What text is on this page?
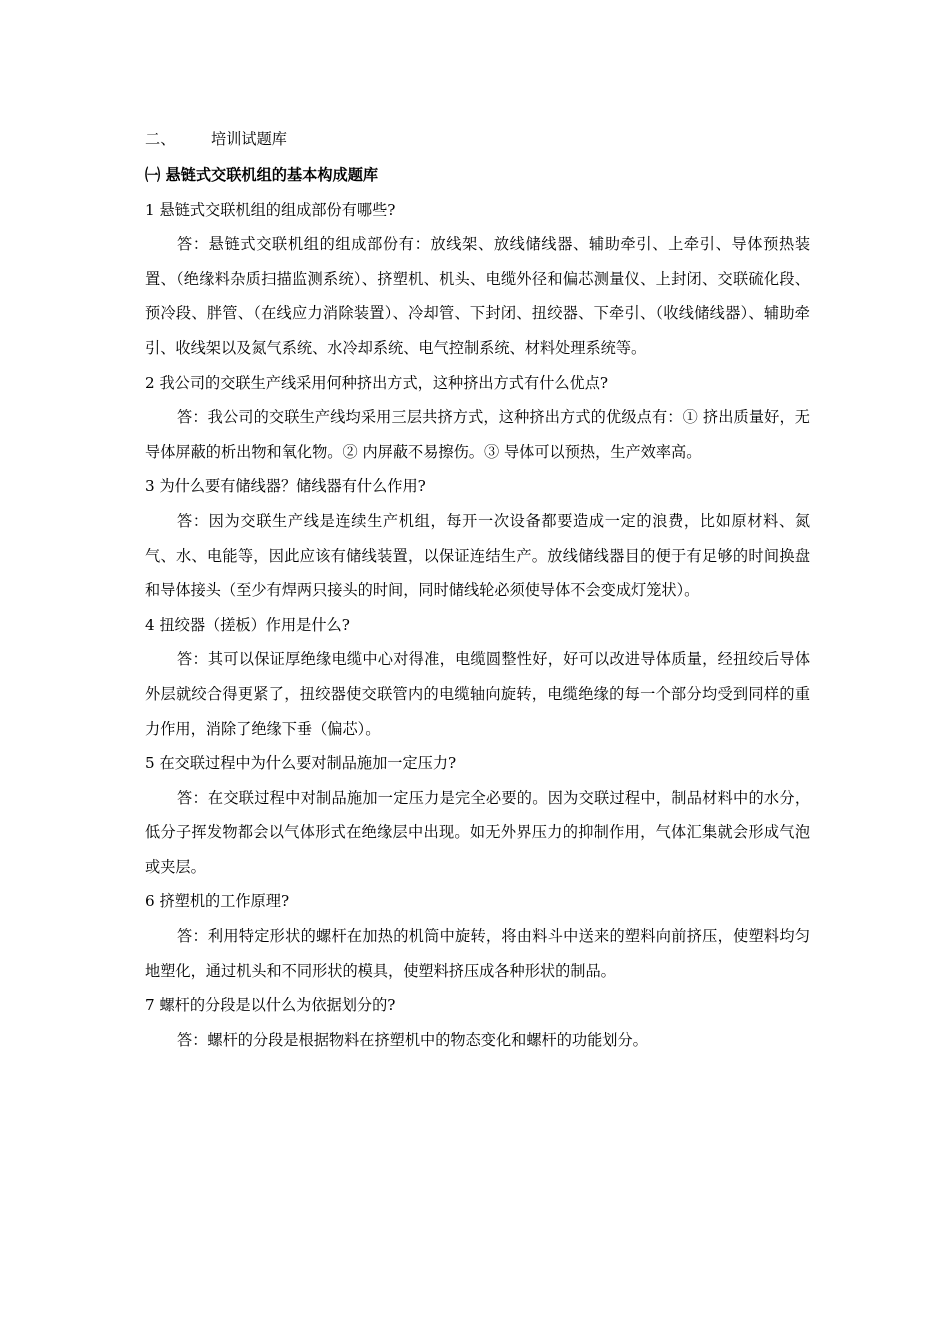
二、 培训试题库
㈠ 悬链式交联机组的基本构成题库
1 悬链式交联机组的组成部份有哪些?

答：悬链式交联机组的组成部份有：放线架、放线储线器、辅助牵引、上牵引、导体预热装置、（绝缘料杂质扫描监测系统）、挤塑机、机头、电缆外径和偏芯测量仪、上封闭、交联硫化段、预冷段、胖管、（在线应力消除装置）、冷却管、下封闭、扭绞器、下牵引、（收线储线器）、辅助牵引、收线架以及氮气系统、水冷却系统、电气控制系统、材料处理系统等。

2 我公司的交联生产线采用何种挤出方式，这种挤出方式有什么优点?

答：我公司的交联生产线均采用三层共挤方式，这种挤出方式的优级点有：① 挤出质量好，无导体屏蔽的析出物和氧化物。② 内屏蔽不易擦伤。③ 导体可以预热，生产效率高。

3 为什么要有储线器？储线器有什么作用?

答：因为交联生产线是连续生产机组，每开一次设备都要造成一定的浪费，比如原材料、氮气、水、电能等，因此应该有储线装置，以保证连结生产。放线储线器目的便于有足够的时间换盘和导体接头（至少有焊两只接头的时间，同时储线轮必须使导体不会变成灯笼状）。

4 扭绞器（搓板）作用是什么?

答：其可以保证厚绝缘电缆中心对得准，电缆圆整性好，好可以改进导体质量，经扭绞后导体外层就绞合得更紧了，扭绞器使交联管内的电缆轴向旋转，电缆绝缘的每一个部分均受到同样的重力作用，消除了绝缘下垂（偏芯）。

5 在交联过程中为什么要对制品施加一定压力?

答：在交联过程中对制品施加一定压力是完全必要的。因为交联过程中，制品材料中的水分，低分子挥发物都会以气体形式在绝缘层中出现。如无外界压力的抑制作用，气体汇集就会形成气泡或夹层。

6 挤塑机的工作原理?

答：利用特定形状的螺杆在加热的机筒中旋转，将由料斗中送来的塑料向前挤压，使塑料均匀地塑化，通过机头和不同形状的模具，使塑料挤压成各种形状的制品。

7 螺杆的分段是以什么为依据划分的?

答：螺杆的分段是根据物料在挤塑机中的物态变化和螺杆的功能划分。
